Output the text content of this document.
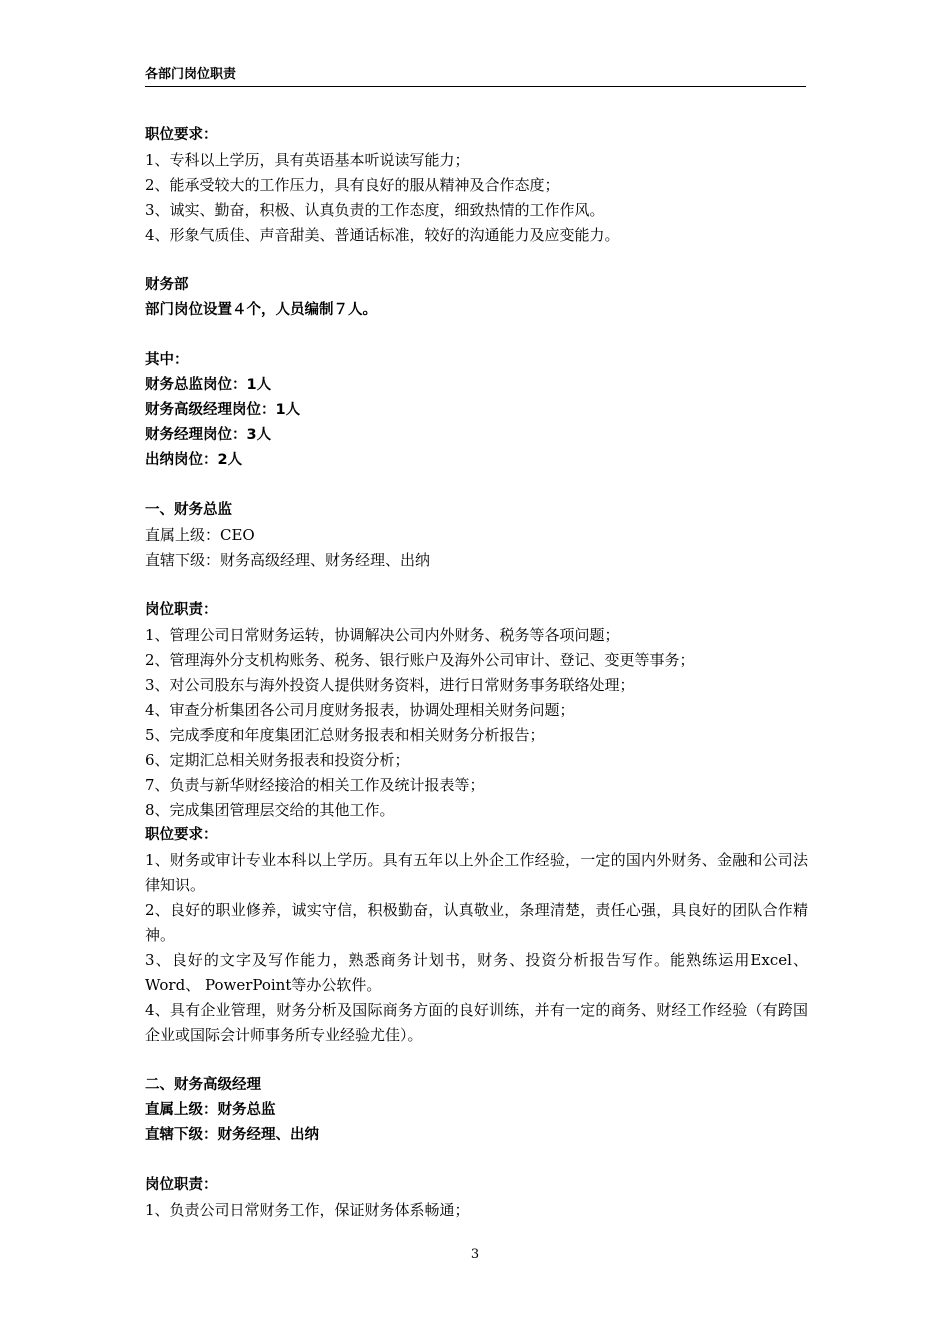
各部门岗位职责
职位要求：
1、专科以上学历，具有英语基本听说读写能力；
2、能承受较大的工作压力，具有良好的服从精神及合作态度；
3、诚实、勤奋，积极、认真负责的工作态度，细致热情的工作作风。
4、形象气质佳、声音甜美、普通话标准，较好的沟通能力及应变能力。
财务部
部门岗位设置４个，人员编制７人。
其中：
财务总监岗位：1人
财务高级经理岗位：1人
财务经理岗位：3人
出纳岗位：2人
一、财务总监
直属上级：CEO
直辖下级：财务高级经理、财务经理、出纳
岗位职责：
1、管理公司日常财务运转，协调解决公司内外财务、税务等各项问题；
2、管理海外分支机构账务、税务、银行账户及海外公司审计、登记、变更等事务；
3、对公司股东与海外投资人提供财务资料，进行日常财务事务联络处理；
4、审查分析集团各公司月度财务报表，协调处理相关财务问题；
5、完成季度和年度集团汇总财务报表和相关财务分析报告；
6、定期汇总相关财务报表和投资分析；
7、负责与新华财经接洽的相关工作及统计报表等；
8、完成集团管理层交给的其他工作。
职位要求：
1、财务或审计专业本科以上学历。具有五年以上外企工作经验，一定的国内外财务、金融和公司法律知识。
2、良好的职业修养，诚实守信，积极勤奋，认真敬业，条理清楚，责任心强，具良好的团队合作精神。
3、良好的文字及写作能力，熟悉商务计划书，财务、投资分析报告写作。能熟练运用Excel、Word、 PowerPoint等办公软件。
4、具有企业管理，财务分析及国际商务方面的良好训练，并有一定的商务、财经工作经验（有跨国企业或国际会计师事务所专业经验尤佳）。
二、财务高级经理
直属上级：财务总监
直辖下级：财务经理、出纳
岗位职责：
1、负责公司日常财务工作，保证财务体系畅通；
3
